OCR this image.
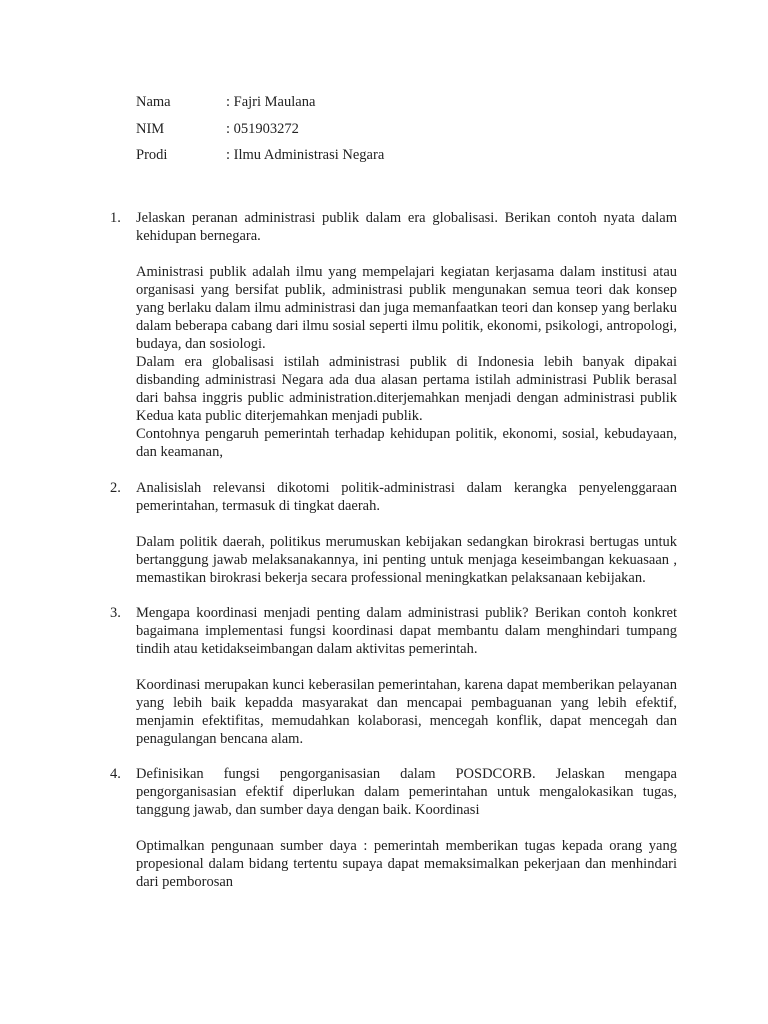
Nama	: Fajri Maulana
NIM	: 051903272
Prodi	: Ilmu Administrasi Negara
1. Jelaskan peranan administrasi publik dalam era globalisasi. Berikan contoh nyata dalam kehidupan bernegara.

Aministrasi publik adalah ilmu yang mempelajari kegiatan kerjasama dalam institusi atau organisasi yang bersifat publik, administrasi publik mengunakan semua teori dak konsep yang berlaku dalam ilmu administrasi dan juga memanfaatkan teori dan konsep yang berlaku dalam beberapa cabang dari ilmu sosial seperti ilmu politik, ekonomi, psikologi, antropologi, budaya, dan sosiologi.

Dalam era globalisasi istilah administrasi publik di Indonesia lebih banyak dipakai disbanding administrasi Negara ada dua alasan pertama istilah administrasi Publik berasal dari bahsa inggris public administration.diterjemahkan menjadi dengan administrasi publik Kedua kata public diterjemahkan menjadi publik.

Contohnya pengaruh pemerintah terhadap kehidupan politik, ekonomi, sosial, kebudayaan, dan keamanan,

2. Analisislah relevansi dikotomi politik-administrasi dalam kerangka penyelenggaraan pemerintahan, termasuk di tingkat daerah.

Dalam politik daerah, politikus merumuskan kebijakan sedangkan birokrasi bertugas untuk bertanggung jawab melaksanakannya, ini penting untuk menjaga keseimbangan kekuasaan , memastikan birokrasi bekerja secara professional meningkatkan pelaksanaan kebijakan.

3. Mengapa koordinasi menjadi penting dalam administrasi publik? Berikan contoh konkret bagaimana implementasi fungsi koordinasi dapat membantu dalam menghindari tumpang tindih atau ketidakseimbangan dalam aktivitas pemerintah.

Koordinasi merupakan kunci keberasilan pemerintahan, karena dapat memberikan pelayanan yang lebih baik kepadda masyarakat dan mencapai pembaguanan yang lebih efektif, menjamin efektifitas, memudahkan kolaborasi, mencegah konflik, dapat mencegah dan penagulangan bencana alam.

4. Definisikan fungsi pengorganisasian dalam POSDCORB. Jelaskan mengapa pengorganisasian efektif diperlukan dalam pemerintahan untuk mengalokasikan tugas, tanggung jawab, dan sumber daya dengan baik. Koordinasi

Optimalkan pengunaan sumber daya : pemerintah memberikan tugas kepada orang yang propesional dalam bidang tertentu supaya dapat memaksimalkan pekerjaan dan menhindari dari pemborosan
